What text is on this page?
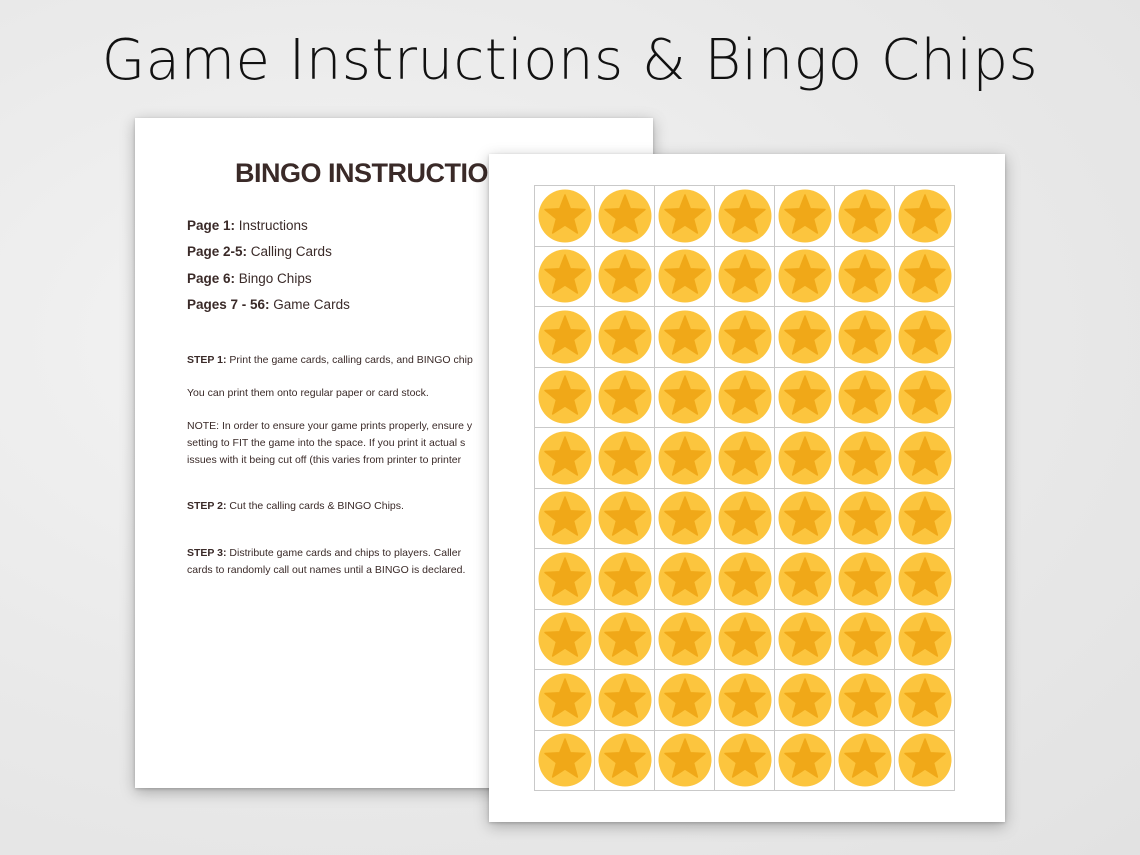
Game Instructions & Bingo Chips
BINGO INSTRUCTIO
Page 1: Instructions
Page 2-5: Calling Cards
Page 6: Bingo Chips
Pages 7 - 56: Game Cards

STEP 1: Print the game cards, calling cards, and BINGO chip

You can print them onto regular paper or card stock.

NOTE: In order to ensure your game prints properly, ensure y
setting to FIT the game into the space. If you print it actual s
issues with it being cut off (this varies from printer to printer

STEP 2: Cut the calling cards & BINGO Chips.

STEP 3: Distribute game cards and chips to players. Caller
cards to randomly call out names until a BINGO is declared.
